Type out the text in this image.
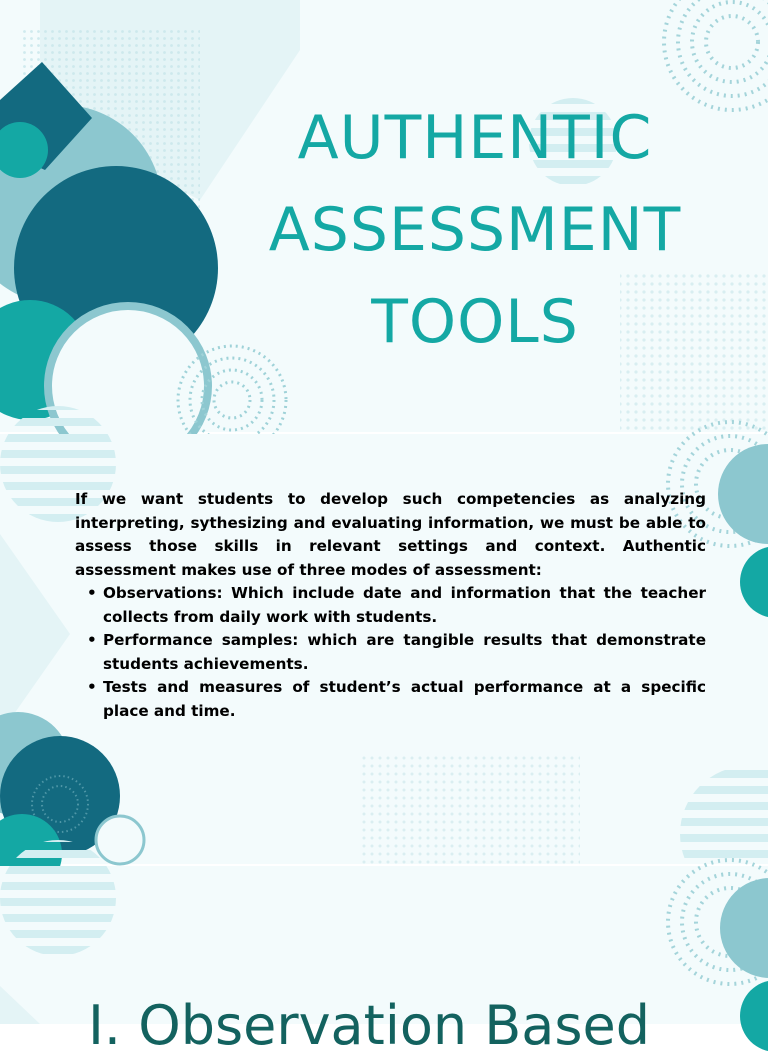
AUTHENTIC
ASSESSMENT
TOOLS

If we want students to develop such competencies as analyzing interpreting, sythesizing and evaluating information, we must be able to assess those skills in relevant settings and context. Authentic assessment makes use of three modes of assessment:

• Observations: Which include date and information that the teacher collects from daily work with students.
• Performance samples: which are tangible results that demonstrate students achievements.
• Tests and measures of student’s actual performance at a specific place and time.
I. Observation Based
